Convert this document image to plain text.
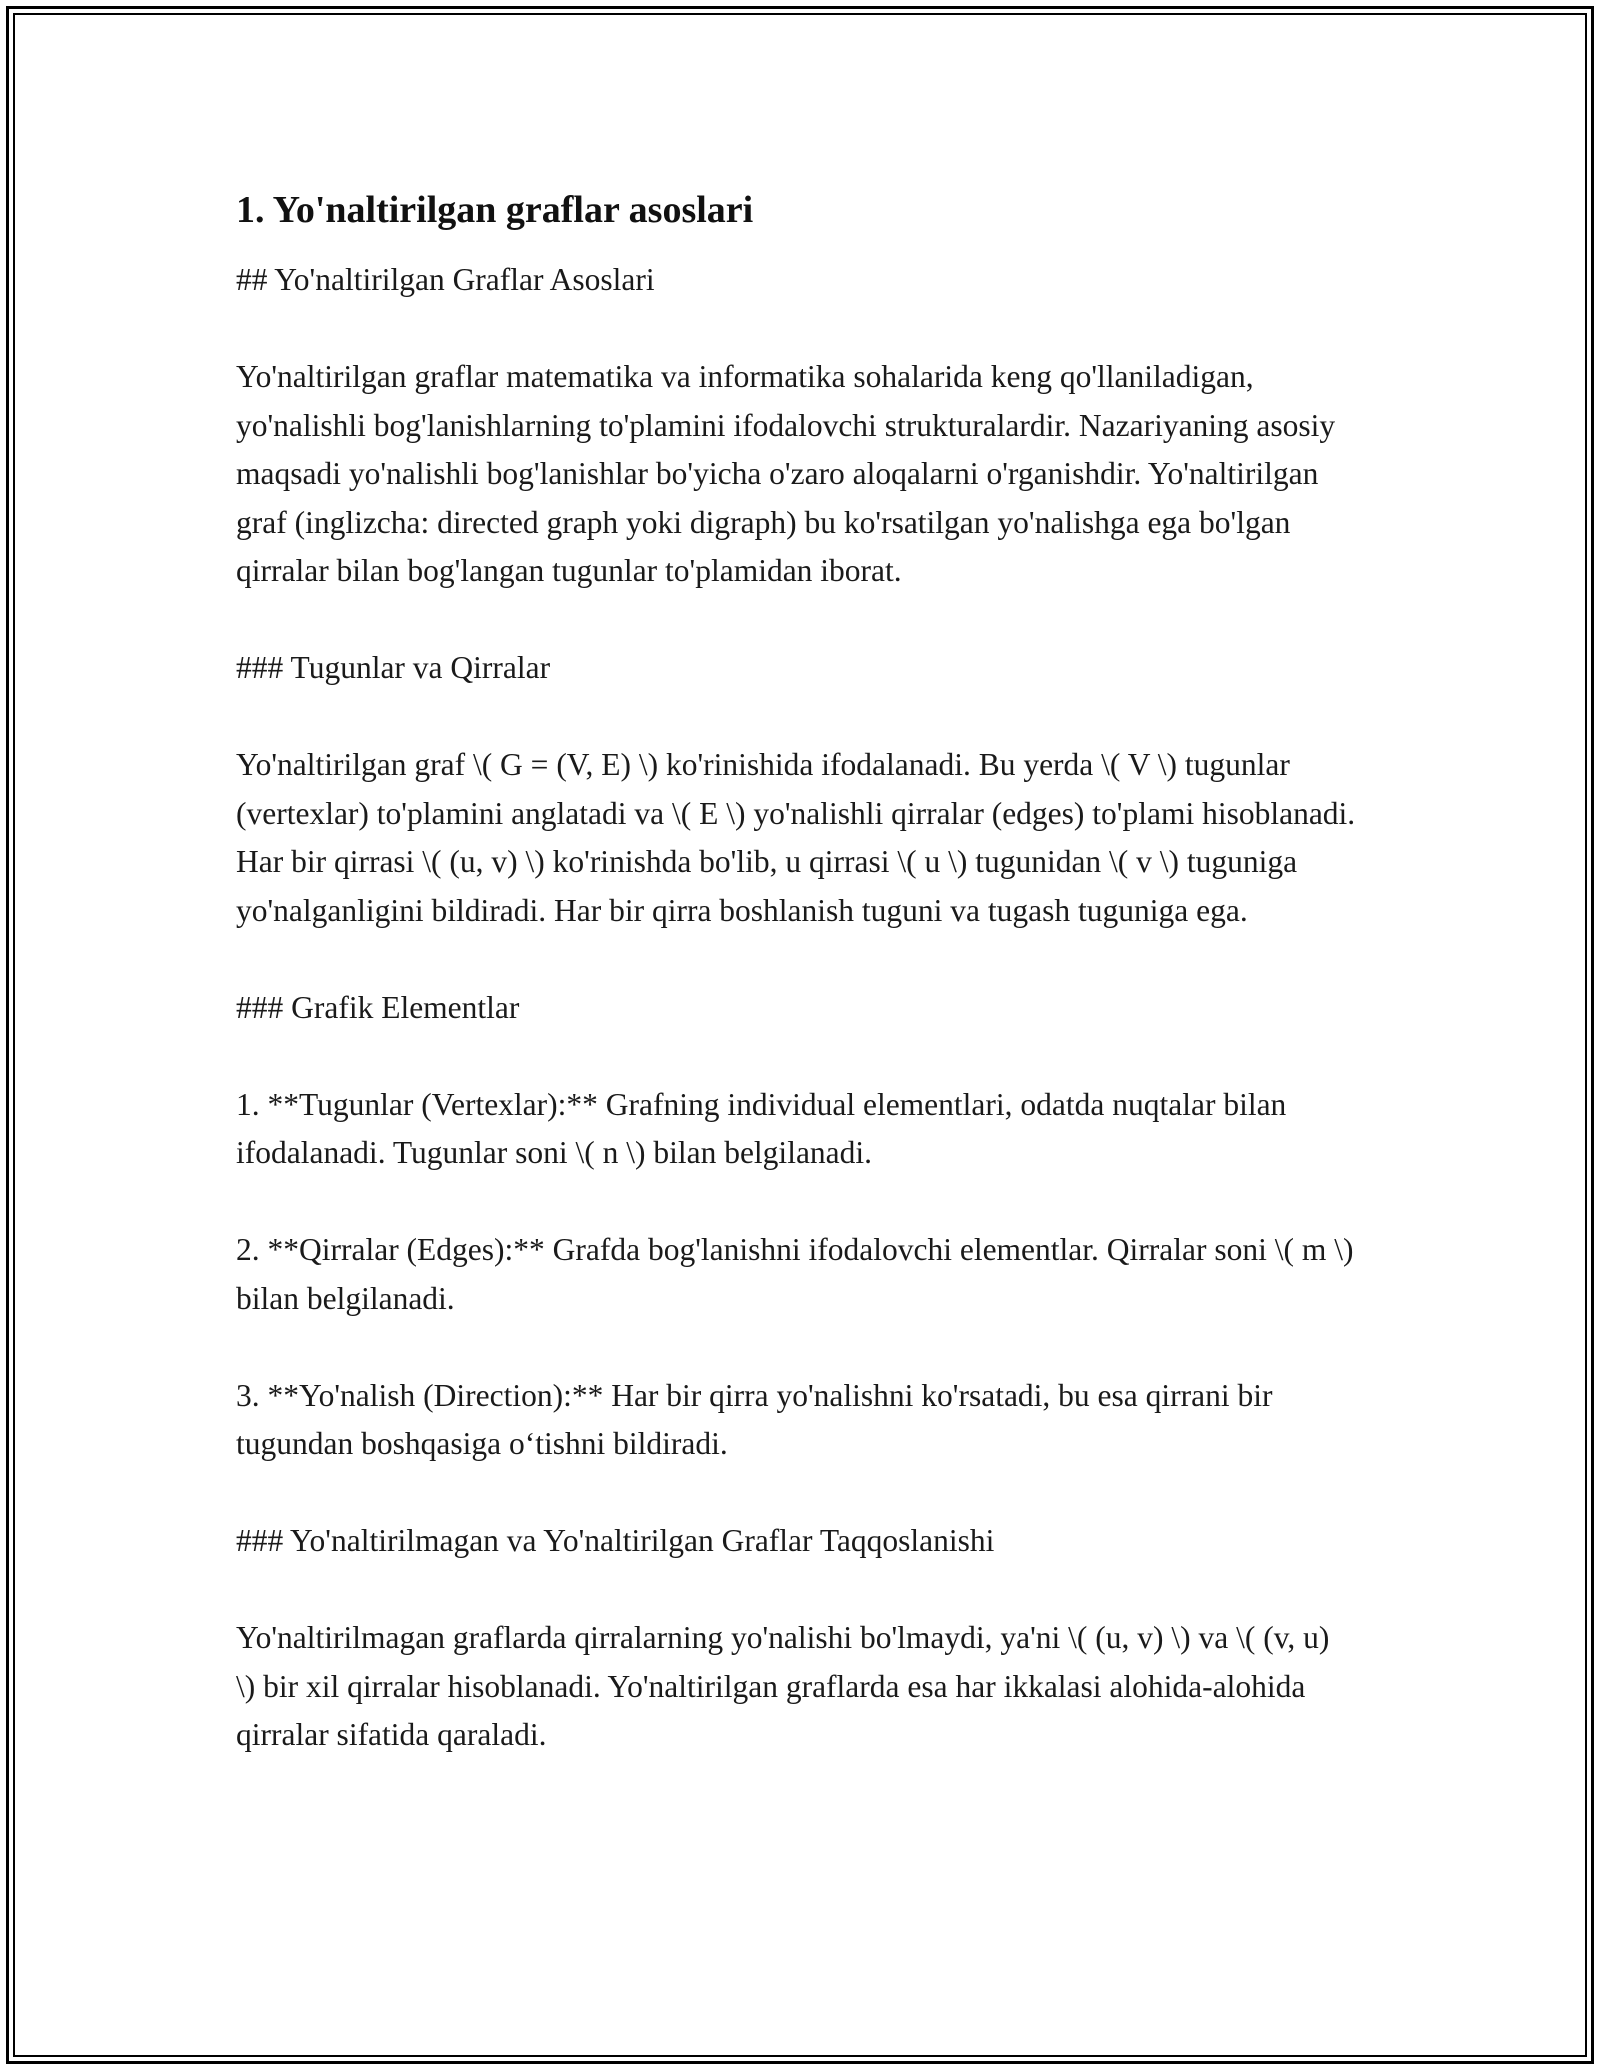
1. Yo'naltirilgan graflar asoslari

## Yo'naltirilgan Graflar Asoslari

Yo'naltirilgan graflar matematika va informatika sohalarida keng qo'llaniladigan, yo'nalishli bog'lanishlarning to'plamini ifodalovchi strukturalardir. Nazariyaning asosiy maqsadi yo'nalishli bog'lanishlar bo'yicha o'zaro aloqalarni o'rganishdir. Yo'naltirilgan graf (inglizcha: directed graph yoki digraph) bu ko'rsatilgan yo'nalishga ega bo'lgan qirralar bilan bog'langan tugunlar to'plamidan iborat.

### Tugunlar va Qirralar

Yo'naltirilgan graf \( G = (V, E) \) ko'rinishida ifodalanadi. Bu yerda \( V \) tugunlar (vertexlar) to'plamini anglatadi va \( E \) yo'nalishli qirralar (edges) to'plami hisoblanadi. Har bir qirrasi \( (u, v) \) ko'rinishda bo'lib, u qirrasi \( u \) tugunidan \( v \) tuguniga yo'nalganligini bildiradi. Har bir qirra boshlanish tuguni va tugash tuguniga ega.

### Grafik Elementlar

1. **Tugunlar (Vertexlar):** Grafning individual elementlari, odatda nuqtalar bilan ifodalanadi. Tugunlar soni \( n \) bilan belgilanadi.

2. **Qirralar (Edges):** Grafda bog'lanishni ifodalovchi elementlar. Qirralar soni \( m \) bilan belgilanadi.

3. **Yo'nalish (Direction):** Har bir qirra yo'nalishni ko'rsatadi, bu esa qirrani bir tugundan boshqasiga o‘tishni bildiradi.

### Yo'naltirilmagan va Yo'naltirilgan Graflar Taqqoslanishi

Yo'naltirilmagan graflarda qirralarning yo'nalishi bo'lmaydi, ya'ni \( (u, v) \) va \( (v, u) \) bir xil qirralar hisoblanadi. Yo'naltirilgan graflarda esa har ikkalasi alohida-alohida qirralar sifatida qaraladi.
